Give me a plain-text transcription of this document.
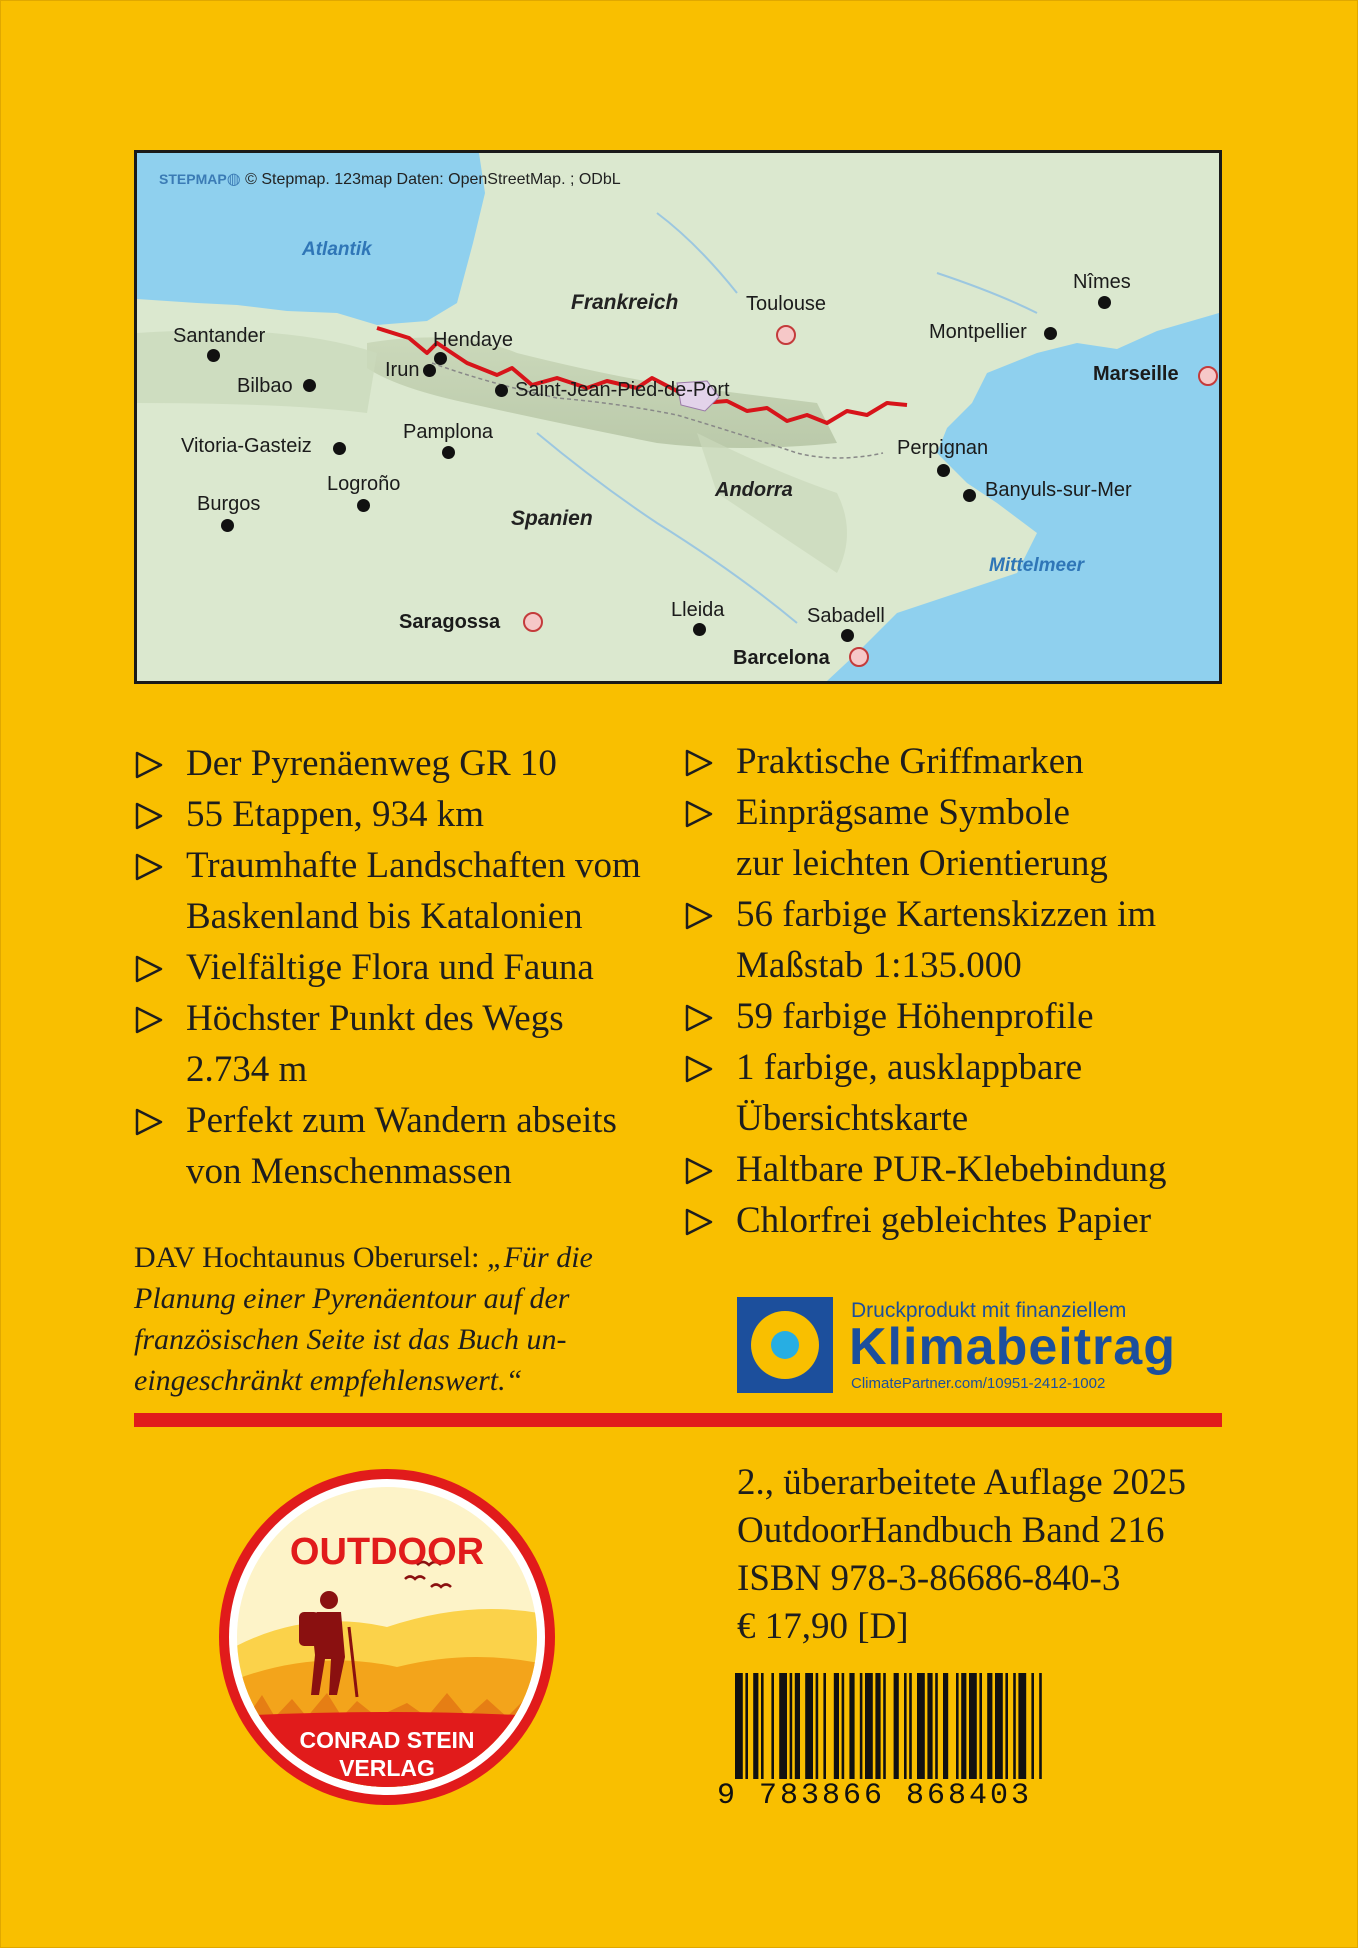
STEPMAP◍ © Stepmap. 123map Daten: OpenStreetMap. ; ODbL
Atlantik
Mittelmeer
Frankreich
Spanien
Andorra
Toulouse
Nîmes
Montpellier
Marseille
Santander	Hendaye
Irun
Bilbao	Saint-Jean-Pied-de-Port
Pamplona
Vitoria-Gasteiz	Perpignan
Banyuls-sur-Mer
Logroño
Burgos
Saragossa
Lleida	Sabadell
Barcelona
Der Pyrenäenweg GR 10
55 Etappen, 934 km
Traumhafte Landschaften vom
Baskenland bis Katalonien
Vielfältige Flora und Fauna
Höchster Punkt des Wegs
2.734 m
Perfekt zum Wandern abseits
von Menschenmassen
Praktische Griffmarken
Einprägsame Symbole
zur leichten Orientierung
56 farbige Kartenskizzen im
Maßstab 1:135.000
59 farbige Höhenprofile
1 farbige, ausklappbare
Übersichtskarte
Haltbare PUR-Klebebindung
Chlorfrei gebleichtes Papier
DAV Hochtaunus Oberursel: „Für die Planung einer Pyrenäentour auf der französischen Seite ist das Buch uneingeschränkt empfehlenswert.“
Druckprodukt mit finanziellem
Klimabeitrag
ClimatePartner.com/10951-2412-1002
OUTDOOR
CONRAD STEIN
VERLAG
2., überarbeitete Auflage 2025
OutdoorHandbuch Band 216
ISBN 978-3-86686-840-3
€ 17,90 [D]
9 783866 868403
